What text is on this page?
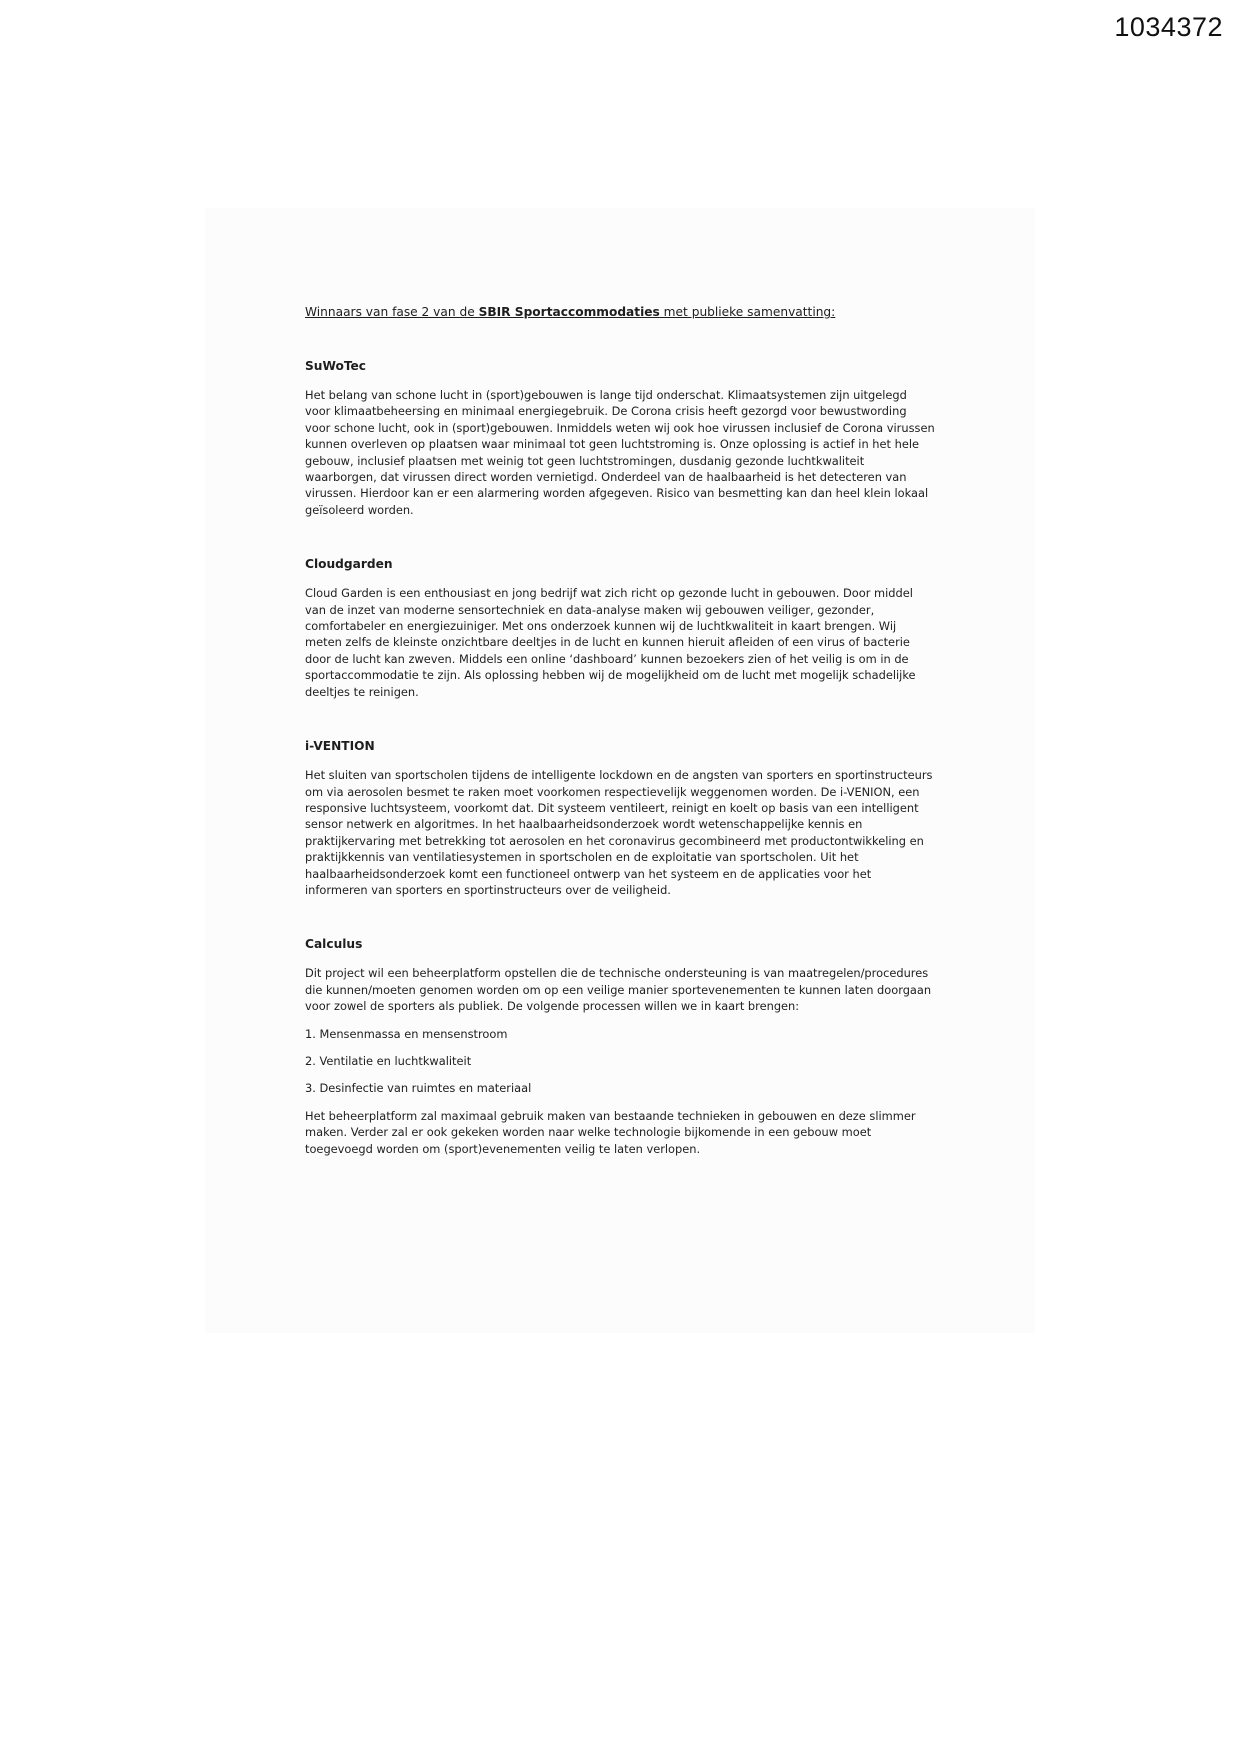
1034372

Winnaars van fase 2 van de SBIR Sportaccommodaties met publieke samenvatting:

SuWoTec

Het belang van schone lucht in (sport)gebouwen is lange tijd onderschat. Klimaatsystemen zijn uitgelegd voor klimaatbeheersing en minimaal energiegebruik. De Corona crisis heeft gezorgd voor bewustwording voor schone lucht, ook in (sport)gebouwen. Inmiddels weten wij ook hoe virussen inclusief de Corona virussen kunnen overleven op plaatsen waar minimaal tot geen luchtstroming is. Onze oplossing is actief in het hele gebouw, inclusief plaatsen met weinig tot geen luchtstromingen, dusdanig gezonde luchtkwaliteit waarborgen, dat virussen direct worden vernietigd. Onderdeel van de haalbaarheid is het detecteren van virussen. Hierdoor kan er een alarmering worden afgegeven. Risico van besmetting kan dan heel klein lokaal geïsoleerd worden.

Cloudgarden

Cloud Garden is een enthousiast en jong bedrijf wat zich richt op gezonde lucht in gebouwen. Door middel van de inzet van moderne sensortechniek en data-analyse maken wij gebouwen veiliger, gezonder, comfortabeler en energiezuiniger. Met ons onderzoek kunnen wij de luchtkwaliteit in kaart brengen. Wij meten zelfs de kleinste onzichtbare deeltjes in de lucht en kunnen hieruit afleiden of een virus of bacterie door de lucht kan zweven. Middels een online ‘dashboard’ kunnen bezoekers zien of het veilig is om in de sportaccommodatie te zijn. Als oplossing hebben wij de mogelijkheid om de lucht met mogelijk schadelijke deeltjes te reinigen.

i-VENTION

Het sluiten van sportscholen tijdens de intelligente lockdown en de angsten van sporters en sportinstructeurs om via aerosolen besmet te raken moet voorkomen respectievelijk weggenomen worden. De i-VENION, een responsive luchtsysteem, voorkomt dat. Dit systeem ventileert, reinigt en koelt op basis van een intelligent sensor netwerk en algoritmes. In het haalbaarheidsonderzoek wordt wetenschappelijke kennis en praktijkervaring met betrekking tot aerosolen en het coronavirus gecombineerd met productontwikkeling en praktijkkennis van ventilatiesystemen in sportscholen en de exploitatie van sportscholen. Uit het haalbaarheidsonderzoek komt een functioneel ontwerp van het systeem en de applicaties voor het informeren van sporters en sportinstructeurs over de veiligheid.

Calculus

Dit project wil een beheerplatform opstellen die de technische ondersteuning is van maatregelen/procedures die kunnen/moeten genomen worden om op een veilige manier sportevenementen te kunnen laten doorgaan voor zowel de sporters als publiek. De volgende processen willen we in kaart brengen:

1. Mensenmassa en mensenstroom

2. Ventilatie en luchtkwaliteit

3. Desinfectie van ruimtes en materiaal

Het beheerplatform zal maximaal gebruik maken van bestaande technieken in gebouwen en deze slimmer maken. Verder zal er ook gekeken worden naar welke technologie bijkomende in een gebouw moet toegevoegd worden om (sport)evenementen veilig te laten verlopen.
